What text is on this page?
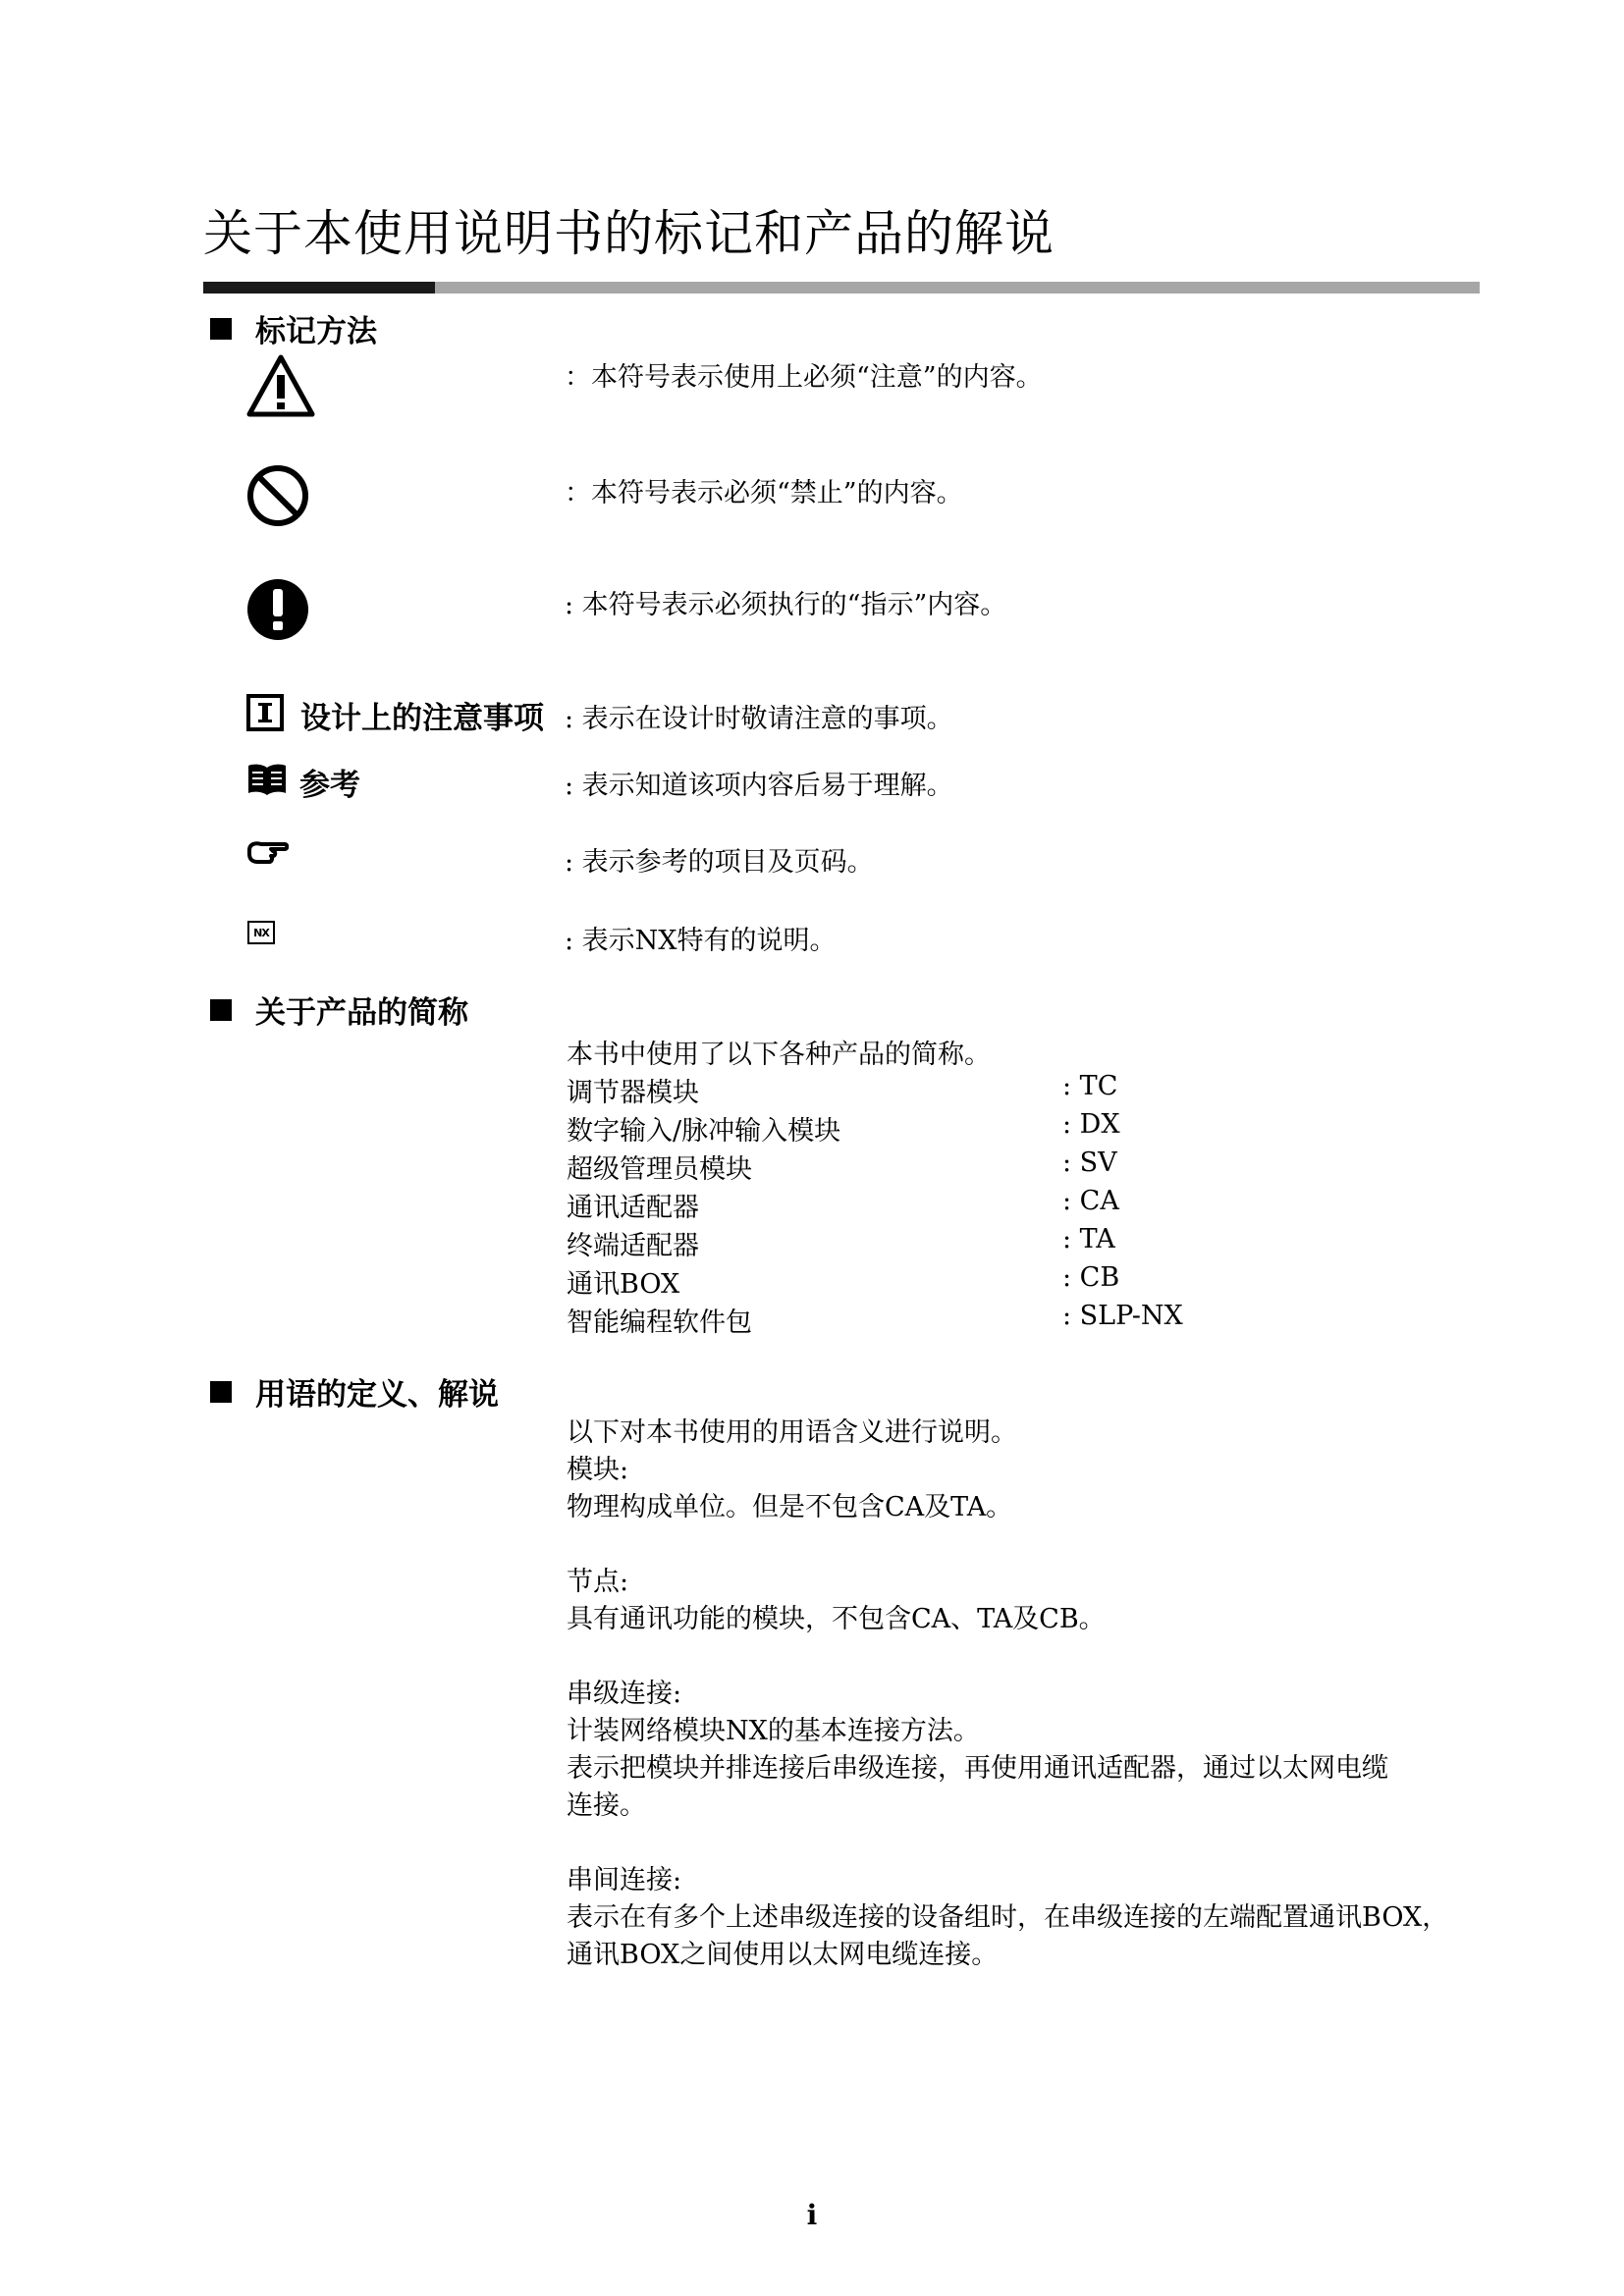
关于本使用说明书的标记和产品的解说
标记方法
：本符号表示使用上必须“注意”的内容。
：本符号表示必须“禁止”的内容。
: 本符号表示必须执行的“指示”内容。
设计上的注意事项 : 表示在设计时敬请注意的事项。
参考	: 表示知道该项内容后易于理解。
: 表示参考的项目及页码。
NX	: 表示NX特有的说明。
关于产品的简称
本书中使用了以下各种产品的简称。
调节器模块	: TC
数字输入/脉冲输入模块	: DX
超级管理员模块	: SV
通讯适配器	: CA
终端适配器	: TA
通讯BOX	: CB
智能编程软件包	: SLP-NX
用语的定义、解说

以下对本书使用的用语含义进行说明。

模块:

物理构成单位。但是不包含CA及TA。

节点:

具有通讯功能的模块，不包含CA、TA及CB。

串级连接:

计装网络模块NX的基本连接方法。

表示把模块并排连接后串级连接，再使用通讯适配器，通过以太网电缆

连接。

串间连接:

表示在有多个上述串级连接的设备组时，在串级连接的左端配置通讯BOX，

通讯BOX之间使用以太网电缆连接。

i
